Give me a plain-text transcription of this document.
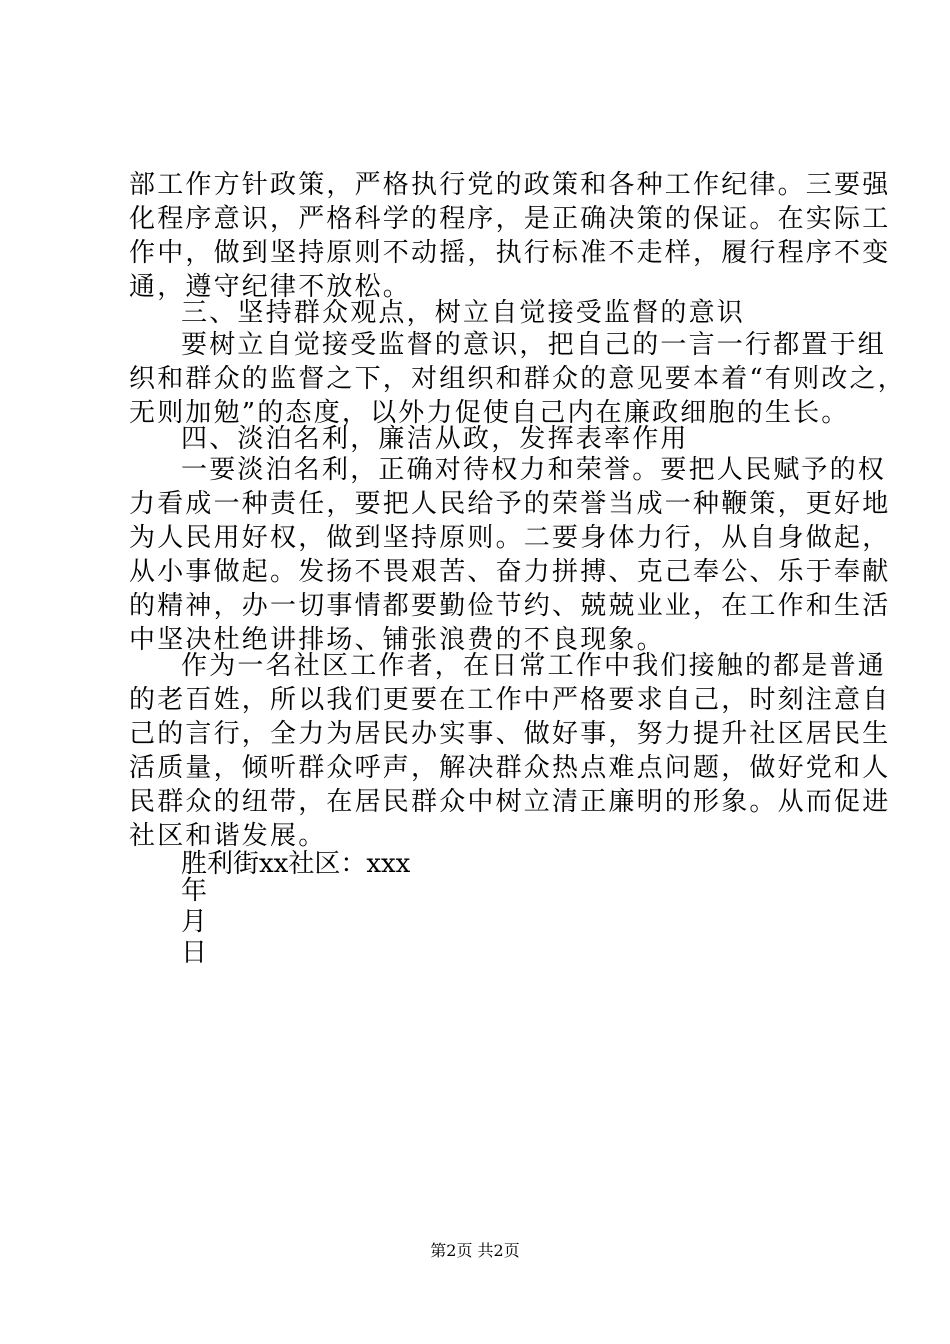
部工作方针政策，严格执行党的政策和各种工作纪律。三要强
化程序意识，严格科学的程序，是正确决策的保证。在实际工
作中，做到坚持原则不动摇，执行标准不走样，履行程序不变
通，遵守纪律不放松。
三、坚持群众观点，树立自觉接受监督的意识
要树立自觉接受监督的意识，把自己的一言一行都置于组
织和群众的监督之下，对组织和群众的意见要本着“有则改之，
无则加勉”的态度，以外力促使自己内在廉政细胞的生长。
四、淡泊名利，廉洁从政，发挥表率作用
一要淡泊名利，正确对待权力和荣誉。要把人民赋予的权
力看成一种责任，要把人民给予的荣誉当成一种鞭策，更好地
为人民用好权，做到坚持原则。二要身体力行，从自身做起，
从小事做起。发扬不畏艰苦、奋力拼搏、克己奉公、乐于奉献
的精神，办一切事情都要勤俭节约、兢兢业业，在工作和生活
中坚决杜绝讲排场、铺张浪费的不良现象。
作为一名社区工作者，在日常工作中我们接触的都是普通
的老百姓，所以我们更要在工作中严格要求自己，时刻注意自
己的言行，全力为居民办实事、做好事，努力提升社区居民生
活质量，倾听群众呼声，解决群众热点难点问题，做好党和人
民群众的纽带，在居民群众中树立清正廉明的形象。从而促进
社区和谐发展。
胜利街xx社区：xxx
年
月
日
第2页 共2页
